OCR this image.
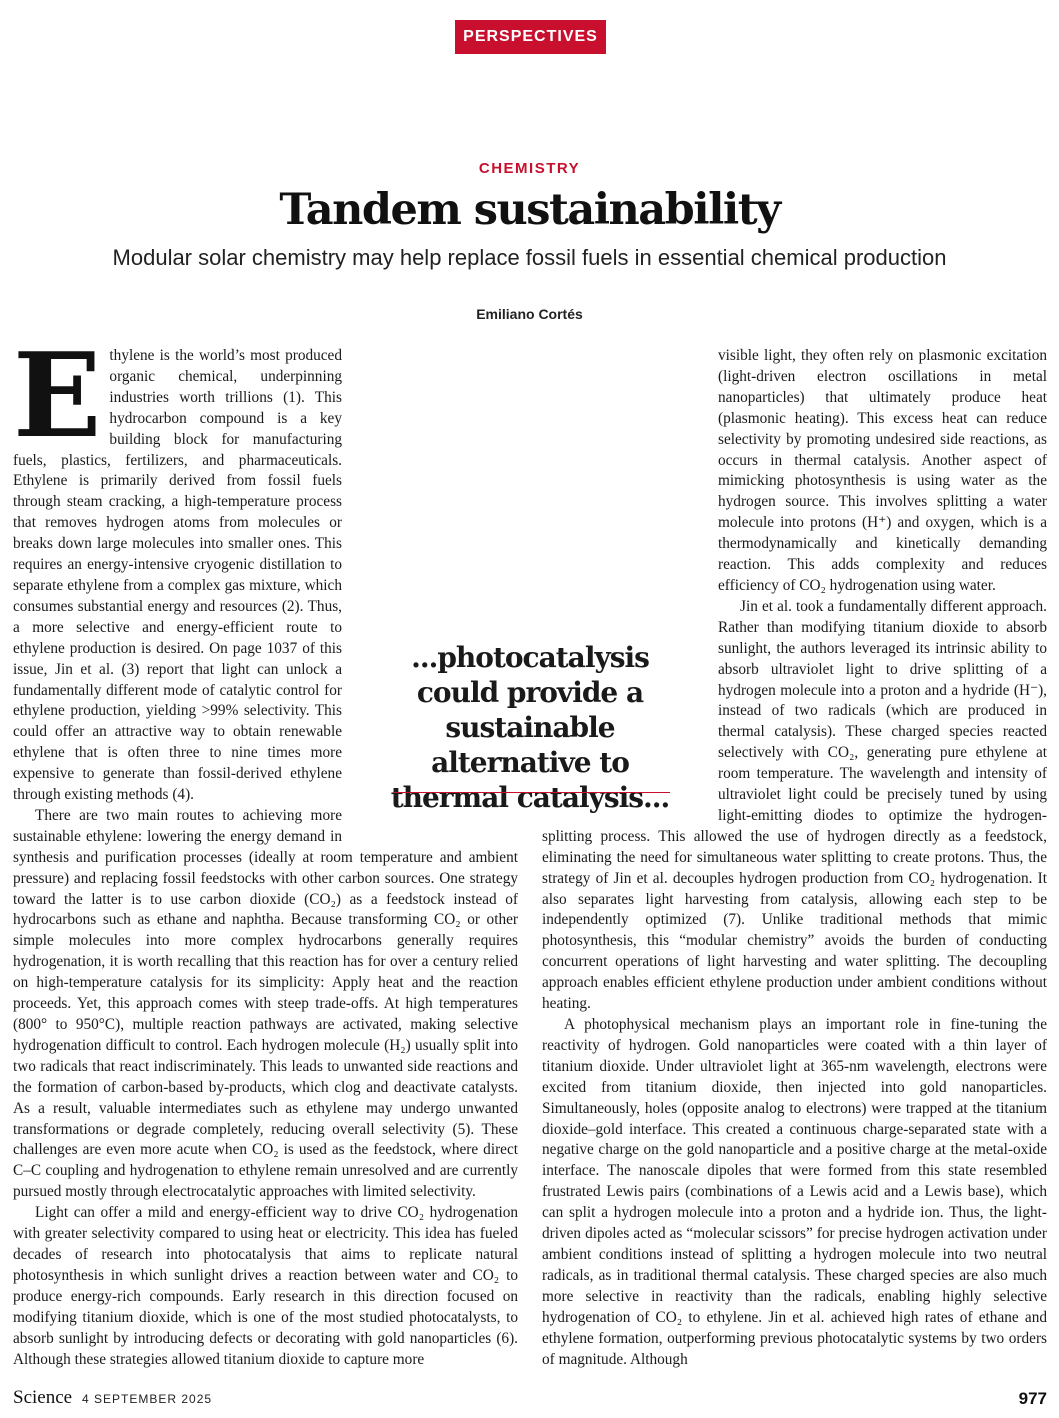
PERSPECTIVES
CHEMISTRY
Tandem sustainability
Modular solar chemistry may help replace fossil fuels in essential chemical production
Emiliano Cortés
E thylene is the world’s most produced organic chemical, underpinning industries worth trillions (1). This hydrocarbon compound is a key building block for manufacturing fuels, plastics, fertilizers, and pharmaceuticals. Ethylene is primarily derived from fossil fuels through steam cracking, a high-temperature process that removes hydrogen atoms from molecules or breaks down large molecules into smaller ones. This requires an energy-intensive cryogenic distillation to separate ethylene from a complex gas mixture, which consumes substantial energy and resources (2). Thus, a more selective and energy-efficient route to ethylene production is desired. On page 1037 of this issue, Jin et al. (3) report that light can unlock a fundamentally different mode of catalytic control for ethylene production, yielding >99% selectivity. This could offer an attractive way to obtain renewable ethylene that is often three to nine times more expensive to generate than fossil-derived ethylene through existing methods (4).

There are two main routes to achieving more sustainable ethylene: lowering the energy demand in synthesis and purification processes (ideally at room temperature and ambient pressure) and replacing fossil feedstocks with other carbon sources. One strategy toward the latter is to use carbon dioxide (CO₂) as a feedstock instead of hydrocarbons such as ethane and naphtha. Because transforming CO₂ or other simple molecules into more complex hydrocarbons generally requires hydrogenation, it is worth recalling that this reaction has for over a century relied on high-temperature catalysis for its simplicity: Apply heat and the reaction proceeds. Yet, this approach comes with steep trade-offs. At high temperatures (800° to 950°C), multiple reaction pathways are activated, making selective hydrogenation difficult to control. Each hydrogen molecule (H₂) usually split into two radicals that react indiscriminately. This leads to unwanted side reactions and the formation of carbon-based by-products, which clog and deactivate catalysts. As a result, valuable intermediates such as ethylene may undergo unwanted transformations or degrade completely, reducing overall selectivity (5). These challenges are even more acute when CO₂ is used as the feedstock, where direct C–C coupling and hydrogenation to ethylene remain unresolved and are currently pursued mostly through electrocatalytic approaches with limited selectivity.

Light can offer a mild and energy-efficient way to drive CO₂ hydrogenation with greater selectivity compared to using heat or electricity. This idea has fueled decades of research into photocatalysis that aims to replicate natural photosynthesis in which sunlight drives a reaction between water and CO₂ to produce energy-rich compounds. Early research in this direction focused on modifying titanium dioxide, which is one of the most studied photocatalysts, to absorb sunlight by introducing defects or decorating with gold nanoparticles (6). Although these strategies allowed titanium dioxide to capture more

visible light, they often rely on plasmonic excitation (light-driven electron oscillations in metal nanoparticles) that ultimately produce heat (plasmonic heating). This excess heat can reduce selectivity by promoting undesired side reactions, as occurs in thermal catalysis. Another aspect of mimicking photosynthesis is using water as the hydrogen source. This involves splitting a water molecule into protons (H⁺) and oxygen, which is a thermodynamically and kinetically demanding reaction. This adds complexity and reduces efficiency of CO₂ hydrogenation using water.

Jin et al. took a fundamentally different approach. Rather than modifying titanium dioxide to absorb sunlight, the authors leveraged its intrinsic ability to absorb ultraviolet light to drive splitting of a hydrogen molecule into a proton and a hydride (H⁻), instead of two radicals (which are produced in thermal catalysis). These charged species reacted selectively with CO₂, generating pure ethylene at room temperature. The wavelength and intensity of ultraviolet light could be precisely tuned by using light-emitting diodes to optimize the hydrogen-splitting process. This allowed the use of hydrogen directly as a feedstock, eliminating the need for simultaneous water splitting to create protons. Thus, the strategy of Jin et al. decouples hydrogen production from CO₂ hydrogenation. It also separates light harvesting from catalysis, allowing each step to be independently optimized (7). Unlike traditional methods that mimic photosynthesis, this “modular chemistry” avoids the burden of conducting concurrent operations of light harvesting and water splitting. The decoupling approach enables efficient ethylene production under ambient conditions without heating.

A photophysical mechanism plays an important role in fine-tuning the reactivity of hydrogen. Gold nanoparticles were coated with a thin layer of titanium dioxide. Under ultraviolet light at 365-nm wavelength, electrons were excited from titanium dioxide, then injected into gold nanoparticles. Simultaneously, holes (opposite analog to electrons) were trapped at the titanium dioxide–gold interface. This created a continuous charge-separated state with a negative charge on the gold nanoparticle and a positive charge at the metal-oxide interface. The nanoscale dipoles that were formed from this state resembled frustrated Lewis pairs (combinations of a Lewis acid and a Lewis base), which can split a hydrogen molecule into a proton and a hydride ion. Thus, the light-driven dipoles acted as “molecular scissors” for precise hydrogen activation under ambient conditions instead of splitting a hydrogen molecule into two neutral radicals, as in traditional thermal catalysis. These charged species are also much more selective in reactivity than the radicals, enabling highly selective hydrogenation of CO₂ to ethylene. Jin et al. achieved high rates of ethane and ethylene formation, outperforming previous photocatalytic systems by two orders of magnitude. Although

...photocatalysis could provide a sustainable alternative to thermal catalysis...
Science 4 SEPTEMBER 2025	977
